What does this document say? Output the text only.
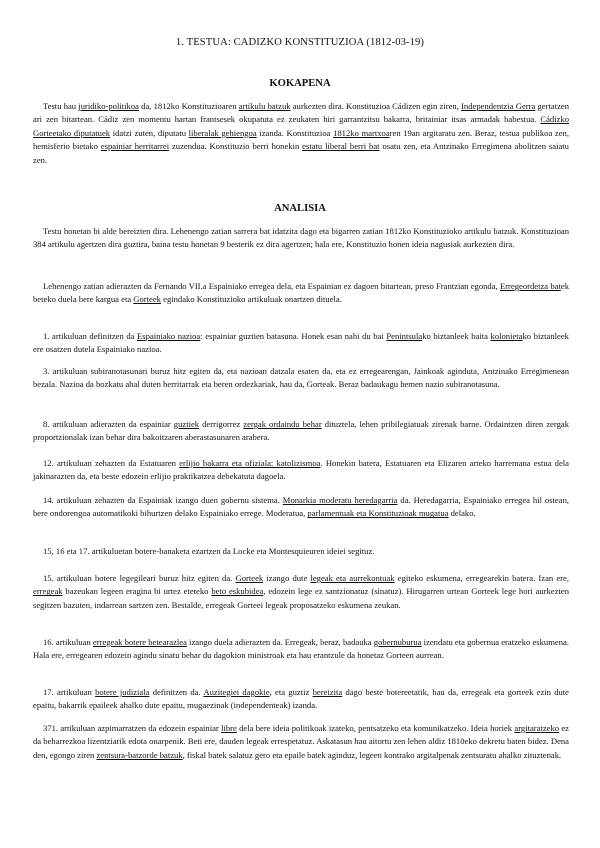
1. TESTUA: CADIZKO KONSTITUZIOA (1812-03-19)
KOKAPENA
Testu hau juridiko-politikoa da, 1812ko Konstituzioaren artikulu batzuk aurkezten dira. Konstituzioa Cádizen egin ziren, Independentzia Gerra gertatzen ari zen bitartean. Cádiz zen momentu hartan frantsesek okupatuta ez zeukaten hiri garrantzitsu bakarra, britainiar itsas armadak babestua. Cádizko Gorteetako diputatuek idatzi zuten, diputatu liberalak gehiengoa izanda. Konstituzioa 1812ko martxoaren 19an argitaratu zen. Beraz, testua publikoa zen, hemisferio bietako espainiar herritarrei zuzendua. Konstituzio berri honekin estatu liberal berri bat osatu zen, eta Antzinako Erregimena abolitzen saiatu zen.
ANALISIA
Testu honetan bi alde bereizten dira. Lehenengo zatian sarrera bat idatzita dago eta bigarren zatian 1812ko Konstituzioko artikulu batzuk. Konstituzioan 384 artikulu agertzen dira guztira, baina testu honetan 9 besterik ez dira agertzen; hala ere, Konstituzio honen ideia nagusiak aurkezten dira.
Lehenengo zatian adierazten da Fernando VII.a Espainiako erregea dela, eta Espainian ez dagoen bitartean, preso Frantzian egonda, Erregeordetza batek beteko duela bere kargua eta Gorteek egindako Konstituzioko artikuluak onartzen dituela.
1. artikuluan definitzen da Espainiako nazioa: espainiar guztien batasuna. Honek esan nahi du bai Penintsulako biztanleek baita kolonietako biztanleek ere osatzen dutela Espainiako nazioa.
3. artikuluan subiranotasunari buruz hitz egiten da, eta nazioan datzala esaten da, eta ez erregearengan, Jainkoak aginduta, Antzinako Erregimenean bezala. Nazioa da bozkatu ahal duten herritarrak eta beren ordezkariak, hau da, Gorteak. Beraz badaukagu hemen nazio subiranotasuna.
8. artikuluan adierazten da espainiar guztiek derrigorrez zergak ordaindu behar dituztela, lehen pribilegiatuak zirenak barne. Ordaintzen diren zergak proportzionalak izan behar dira bakoitzaren aberastasunaren arabera.
12. artikuluan zehazten da Estatuaren erlijio bakarra eta ofiziala: katolizismoa. Honekin batera, Estatuaren eta Elizaren arteko harremana estua dela jakinarazten da, eta beste edozein erlijio praktikatzea debekatuta dagoela.
14. artikuluan zehazten da Espainiak izango duen gobernu sistema. Monarkia moderatu heredagarria da. Heredagarria, Espainiako erregea hil ostean, bere ondorengoa automatikoki bihurtzen delako Espainiako errege. Moderatua, parlamentuak eta Konstituzioak mugatua delako.
15, 16 eta 17. artikuluetan botere-banaketa ezartzen da Locke eta Montesquieuren ideiei segituz.
15. artikuluan botere legegileari buruz hitz egiten da. Gorteek izango dute legeak eta aurrekontuak egiteko eskumena, erregearekin batera. Izan ere, erregeak bazeukan legeen eragina bi urtez eteteko beto eskubidea, edozein lege ez santzionatuz (sinatuz). Hirugarren urtean Gorteek lege hori aurkezten segitzen bazuten, indarrean sartzen zen. Bestalde, erregeak Gorteei legeak proposatzeko eskumena zeukan.
16. artikuluan erregeak botere betearazlea izango duela adierazten da. Erregeak, beraz, badauka gobernuburua izendatu eta gobernua eratzeko eskumena. Hala ere, erregearen edozein agindu sinatu behar du dagokion ministroak eta hau erantzule da honetaz Gorteen aurrean.
17. artikuluan botere judiziala definitzen da. Auzitegiei dagokie, eta guztiz bereizita dago beste botereetatik, hau da, erregeak eta gorteek ezin dute epaitu, bakarrik epaileek ahalko dute epaitu, mugaezinak (independenteak) izanda.
371. artikuluan azpimarratzen da edozein espainiar libre dela bere ideia politikoak izateko, pentsatzeko eta komunikatzeko. Ideia horiek argitaratzeko ez da beharrezkoa lizentziarik edota onarpenik. Beti ere, dauden legeak errespetatuz. Askatasun hau aitortu zen lehen aldiz 1810eko dekretu baten bidez. Dena den, egongo ziren zentsura-batzorde batzuk, fiskal batek salatuz gero eta epaile batek aginduz, legeen kontrako argitalpenak zentsuratu ahalko zituztenak.
